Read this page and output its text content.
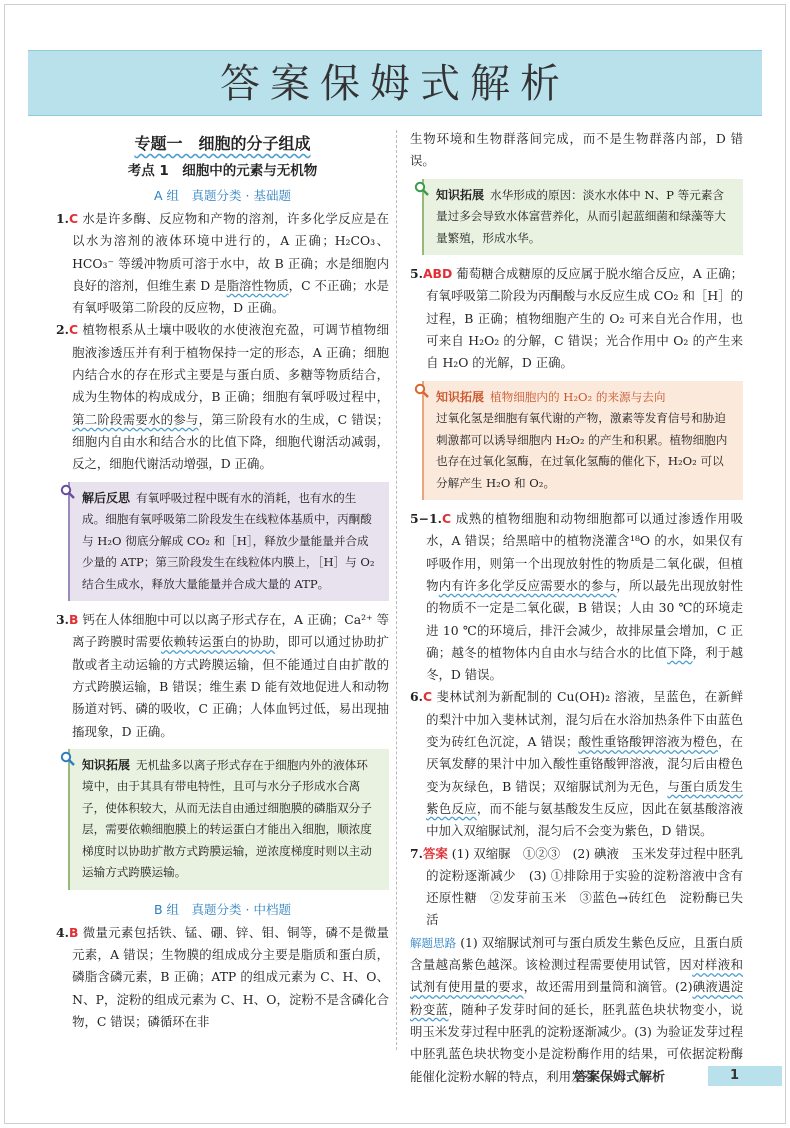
答案保姆式解析
专题一　细胞的分子组成
考点 1　细胞中的元素与无机物
A 组　真题分类 · 基础题
1.C 水是许多酶、反应物和产物的溶剂，许多化学反应是在以水为溶剂的液体环境中进行的，A 正确；H₂CO₃、HCO₃⁻ 等缓冲物质可溶于水中，故 B 正确；水是细胞内良好的溶剂，但维生素 D 是脂溶性物质，C 不正确；水是有氧呼吸第二阶段的反应物，D 正确。
2.C 植物根系从土壤中吸收的水使液泡充盈，可调节植物细胞液渗透压并有利于植物保持一定的形态，A 正确；细胞内结合水的存在形式主要是与蛋白质、多糖等物质结合，成为生物体的构成成分，B 正确；细胞有氧呼吸过程中，第二阶段需要水的参与，第三阶段有水的生成，C 错误；细胞内自由水和结合水的比值下降，细胞代谢活动减弱，反之，细胞代谢活动增强，D 正确。
解后反思 有氧呼吸过程中既有水的消耗，也有水的生成。细胞有氧呼吸第二阶段发生在线粒体基质中，丙酮酸与 H₂O 彻底分解成 CO₂ 和［H］，释放少量能量并合成少量的 ATP；第三阶段发生在线粒体内膜上，［H］与 O₂ 结合生成水，释放大量能量并合成大量的 ATP。
3.B 钙在人体细胞中可以以离子形式存在，A 正确；Ca²⁺ 等离子跨膜时需要依赖转运蛋白的协助，即可以通过协助扩散或者主动运输的方式跨膜运输，但不能通过自由扩散的方式跨膜运输，B 错误；维生素 D 能有效地促进人和动物肠道对钙、磷的吸收，C 正确；人体血钙过低，易出现抽搐现象，D 正确。
知识拓展 无机盐多以离子形式存在于细胞内外的液体环境中，由于其具有带电特性，且可与水分子形成水合离子，使体积较大，从而无法自由通过细胞膜的磷脂双分子层，需要依赖细胞膜上的转运蛋白才能出入细胞，顺浓度梯度时以协助扩散方式跨膜运输，逆浓度梯度时则以主动运输方式跨膜运输。
B 组　真题分类 · 中档题
4.B 微量元素包括铁、锰、硼、锌、钼、铜等，磷不是微量元素，A 错误；生物膜的组成成分主要是脂质和蛋白质，磷脂含磷元素，B 正确；ATP 的组成元素为 C、H、O、N、P，淀粉的组成元素为 C、H、O，淀粉不是含磷化合物，C 错误；磷循环在非
生物环境和生物群落间完成，而不是生物群落内部，D 错误。
知识拓展 水华形成的原因：淡水水体中 N、P 等元素含量过多会导致水体富营养化，从而引起蓝细菌和绿藻等大量繁殖，形成水华。
5.ABD 葡萄糖合成糖原的反应属于脱水缩合反应，A 正确；有氧呼吸第二阶段为丙酮酸与水反应生成 CO₂ 和［H］的过程，B 正确；植物细胞产生的 O₂ 可来自光合作用，也可来自 H₂O₂ 的分解，C 错误；光合作用中 O₂ 的产生来自 H₂O 的光解，D 正确。
知识拓展 植物细胞内的 H₂O₂ 的来源与去向
过氧化氢是细胞有氧代谢的产物，激素等发育信号和胁迫刺激都可以诱导细胞内 H₂O₂ 的产生和积累。植物细胞内也存在过氧化氢酶，在过氧化氢酶的催化下，H₂O₂ 可以分解产生 H₂O 和 O₂。
5−1.C 成熟的植物细胞和动物细胞都可以通过渗透作用吸水，A 错误；给黑暗中的植物浇灌含¹⁸O 的水，如果仅有呼吸作用，则第一个出现放射性的物质是二氧化碳，但植物内有许多化学反应需要水的参与，所以最先出现放射性的物质不一定是二氧化碳，B 错误；人由 30 ℃的环境走进 10 ℃的环境后，排汗会减少，故排尿量会增加，C 正确；越冬的植物体内自由水与结合水的比值下降，利于越冬，D 错误。
6.C 斐林试剂为新配制的 Cu(OH)₂ 溶液，呈蓝色，在新鲜的梨汁中加入斐林试剂，混匀后在水浴加热条件下由蓝色变为砖红色沉淀，A 错误；酸性重铬酸钾溶液为橙色，在厌氧发酵的果汁中加入酸性重铬酸钾溶液，混匀后由橙色变为灰绿色，B 错误；双缩脲试剂为无色，与蛋白质发生紫色反应，而不能与氨基酸发生反应，因此在氨基酸溶液中加入双缩脲试剂，混匀后不会变为紫色，D 错误。
7.答案 (1) 双缩脲　①②③　(2) 碘液　玉米发芽过程中胚乳的淀粉逐渐减少　(3) ①排除用于实验的淀粉溶液中含有还原性糖　②发芽前玉米　③蓝色→砖红色　淀粉酶已失活
解题思路 (1) 双缩脲试剂可与蛋白质发生紫色反应，且蛋白质含量越高紫色越深。该检测过程需要使用试管，因对样液和试剂有使用量的要求，故还需用到量筒和滴管。(2)碘液遇淀粉变蓝，随种子发芽时间的延长，胚乳蓝色块状物变小，说明玉米发芽过程中胚乳的淀粉逐渐减少。(3) 为验证发芽过程中胚乳蓝色块状物变小是淀粉酶作用的结果，可依据淀粉酶能催化淀粉水解的特点，利用发芽
答案保姆式解析	1
